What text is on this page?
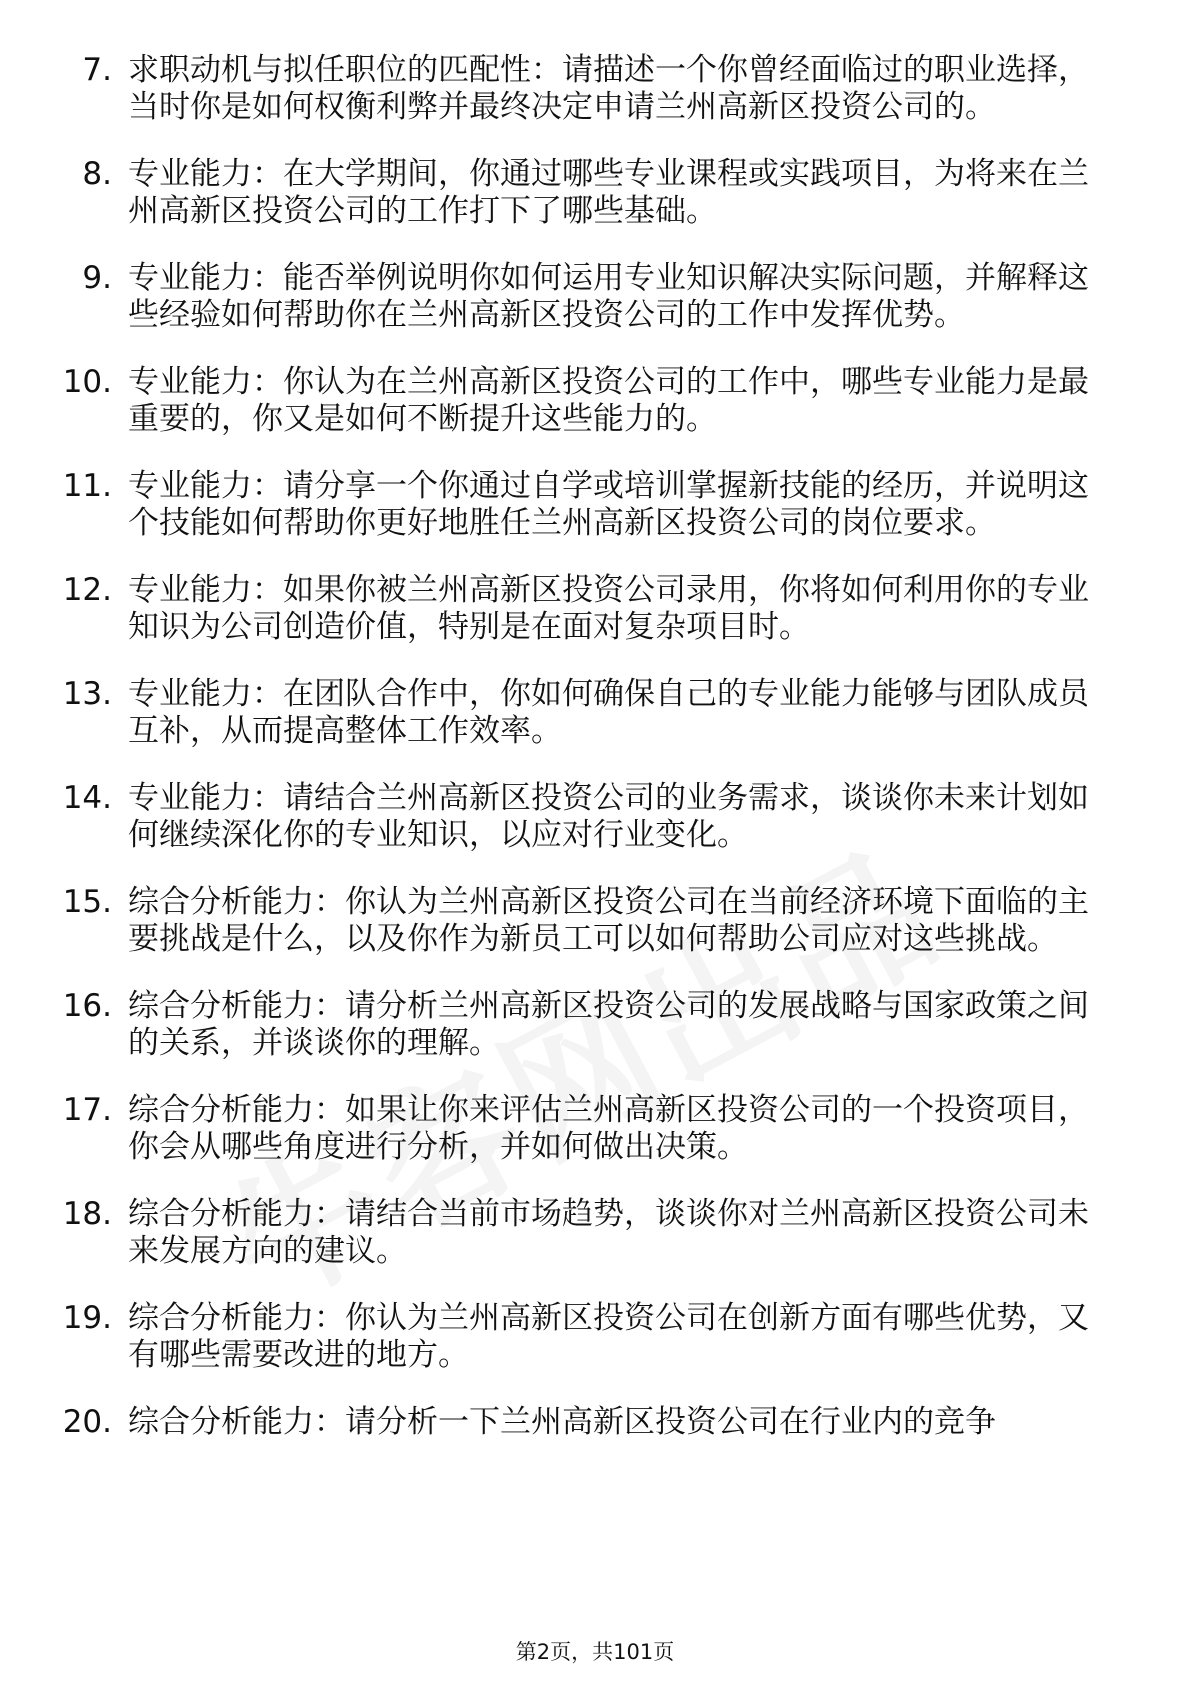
7. 求职动机与拟任职位的匹配性：请描述一个你曾经面临过的职业选择，当时你是如何权衡利弊并最终决定申请兰州高新区投资公司的。
8. 专业能力：在大学期间，你通过哪些专业课程或实践项目，为将来在兰州高新区投资公司的工作打下了哪些基础。
9. 专业能力：能否举例说明你如何运用专业知识解决实际问题，并解释这些经验如何帮助你在兰州高新区投资公司的工作中发挥优势。
10. 专业能力：你认为在兰州高新区投资公司的工作中，哪些专业能力是最重要的，你又是如何不断提升这些能力的。
11. 专业能力：请分享一个你通过自学或培训掌握新技能的经历，并说明这个技能如何帮助你更好地胜任兰州高新区投资公司的岗位要求。
12. 专业能力：如果你被兰州高新区投资公司录用，你将如何利用你的专业知识为公司创造价值，特别是在面对复杂项目时。
13. 专业能力：在团队合作中，你如何确保自己的专业能力能够与团队成员互补，从而提高整体工作效率。
14. 专业能力：请结合兰州高新区投资公司的业务需求，谈谈你未来计划如何继续深化你的专业知识，以应对行业变化。
15. 综合分析能力：你认为兰州高新区投资公司在当前经济环境下面临的主要挑战是什么，以及你作为新员工可以如何帮助公司应对这些挑战。
16. 综合分析能力：请分析兰州高新区投资公司的发展战略与国家政策之间的关系，并谈谈你的理解。
17. 综合分析能力：如果让你来评估兰州高新区投资公司的一个投资项目，你会从哪些角度进行分析，并如何做出决策。
18. 综合分析能力：请结合当前市场趋势，谈谈你对兰州高新区投资公司未来发展方向的建议。
19. 综合分析能力：你认为兰州高新区投资公司在创新方面有哪些优势，又有哪些需要改进的地方。
20. 综合分析能力：请分析一下兰州高新区投资公司在行业内的竞争
第2页，共101页
